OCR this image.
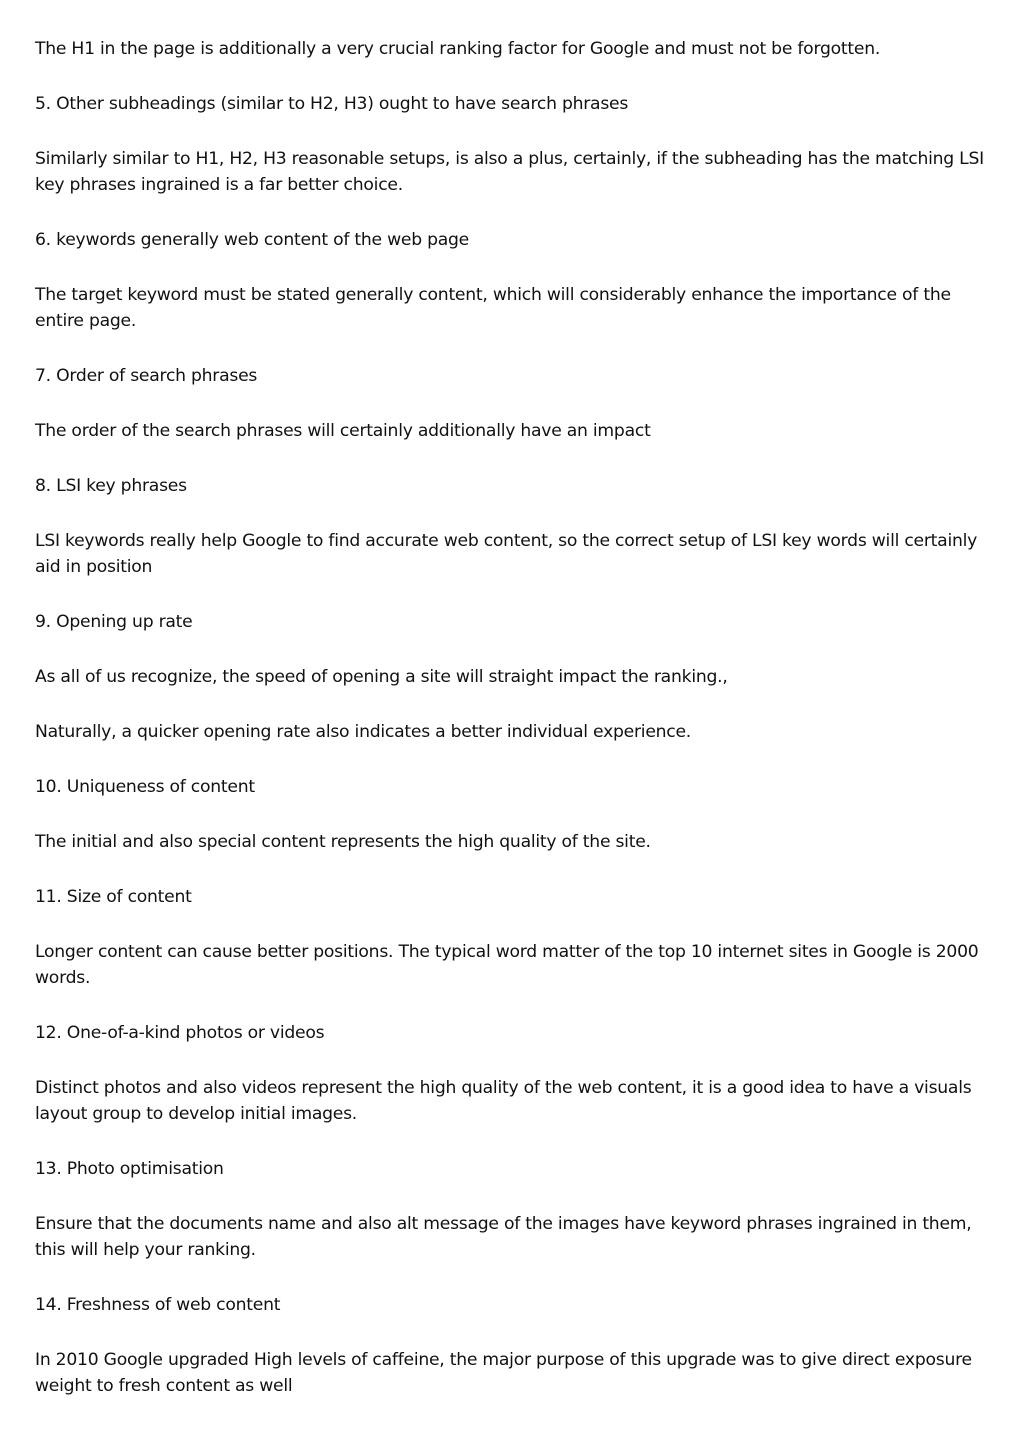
The H1 in the page is additionally a very crucial ranking factor for Google and must not be forgotten.

5. Other subheadings (similar to H2, H3) ought to have search phrases

Similarly similar to H1, H2, H3 reasonable setups, is also a plus, certainly, if the subheading has the matching LSI key phrases ingrained is a far better choice.

6. keywords generally web content of the web page

The target keyword must be stated generally content, which will considerably enhance the importance of the entire page.

7. Order of search phrases

The order of the search phrases will certainly additionally have an impact

8. LSI key phrases

LSI keywords really help Google to find accurate web content, so the correct setup of LSI key words will certainly aid in position

9. Opening up rate

As all of us recognize, the speed of opening a site will straight impact the ranking.,

Naturally, a quicker opening rate also indicates a better individual experience.

10. Uniqueness of content

The initial and also special content represents the high quality of the site.

11. Size of content

Longer content can cause better positions. The typical word matter of the top 10 internet sites in Google is 2000 words.

12. One-of-a-kind photos or videos

Distinct photos and also videos represent the high quality of the web content, it is a good idea to have a visuals layout group to develop initial images.

13. Photo optimisation

Ensure that the documents name and also alt message of the images have keyword phrases ingrained in them, this will help your ranking.

14. Freshness of web content

In 2010 Google upgraded High levels of caffeine, the major purpose of this upgrade was to give direct exposure weight to fresh content as well
